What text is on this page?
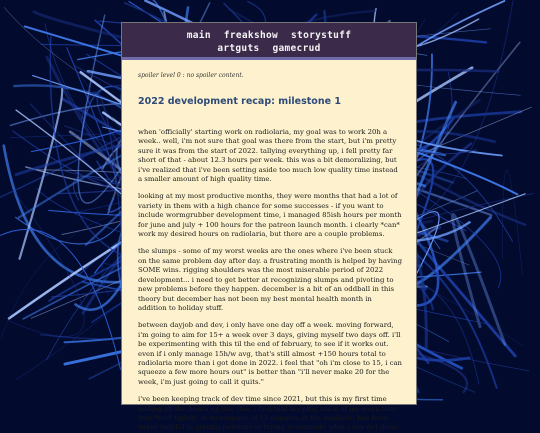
main freakshow storystuff
artguts gamecrud

spoiler level 0 : no spoiler content.

2022 development recap: milestone 1

when 'officially' starting work on radiolaria, my goal was to work 20h a week.. well, i'm not sure that goal was there from the start, but i'm pretty sure it was from the start of 2022. tallying everything up, i fell pretty far short of that - about 12.3 hours per week. this was a bit demoralizing, but i've realized that i've been setting aside too much low quality time instead a smaller amount of high quality time.

looking at my most productive months, they were months that had a lot of variety in them with a high chance for some successes - if you want to include wormgrubber development time, i managed 85ish hours per month for june and july + 100 hours for the patreon launch month. i clearly *can* work my desired hours on radiolaria, but there are a couple problems.

the slumps - some of my worst weeks are the ones where i've been stuck on the same problem day after day. a frustrating month is helped by having SOME wins. rigging shoulders was the most miserable period of 2022 development... i need to get better at recognizing slumps and pivoting to new problems before they happen. december is a bit of an oddball in this theory but december has not been my best mental health month in addition to holiday stuff.

between dayjob and dev, i only have one day off a week. moving forward, i'm going to aim for 15+ a week over 3 days, giving myself two days off. i'll be experimenting with this til the end of february, to see if it works out. even if i only manage 15h/w avg, that's still almost +150 hours total to radiolaria more than i got done in 2022. i feel that "oh i'm close to 15, i can squeeze a few more hours out" is better than "i'll never make 20 for the week, i'm just going to call it quits."

i've been keeping track of dev time since 2021, but this is my first time adding all the hours up like this. i find that keeping track of my work time (not *too* tightly, in increments of 15 minutes at the smallest) has been super helpful in getting patterns or trying to estimate what i can get done.
